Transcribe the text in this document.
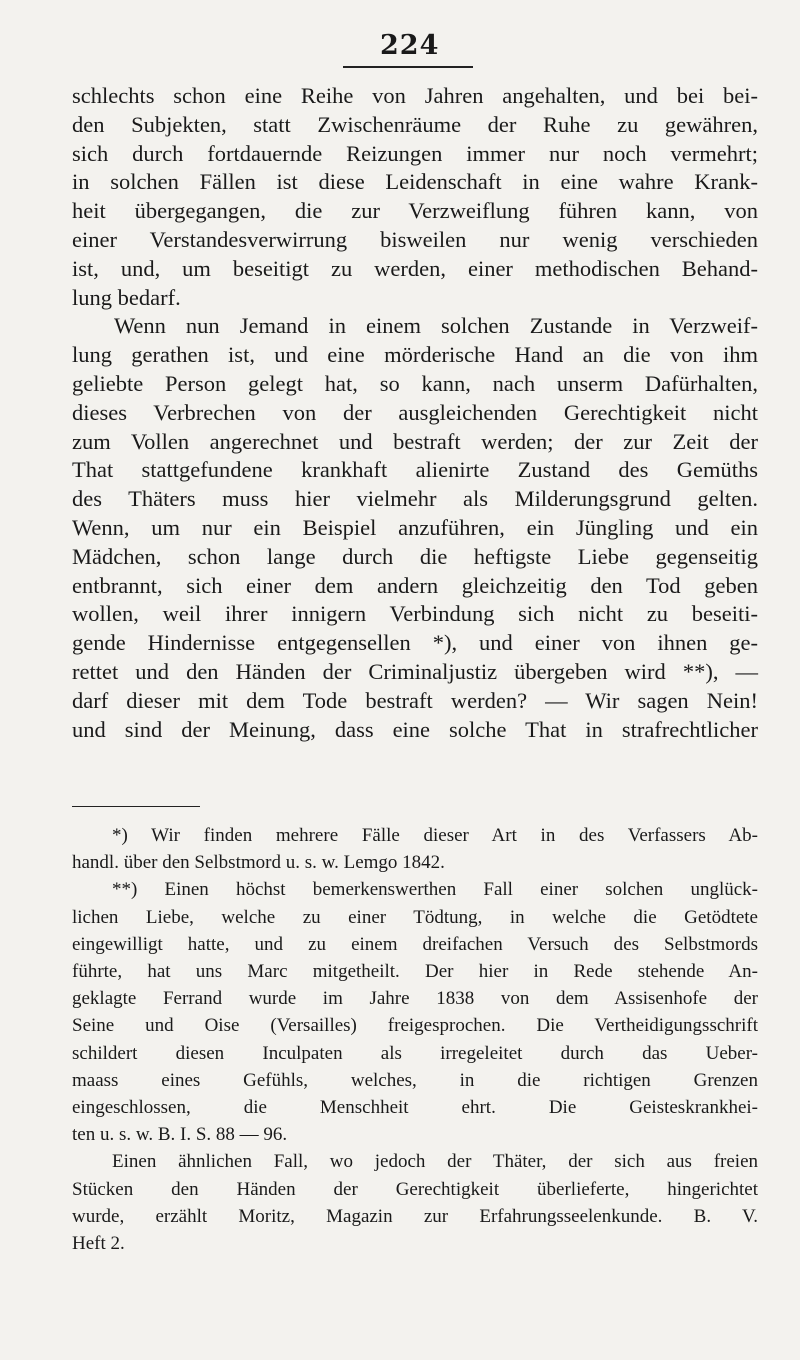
224
schlechts schon eine Reihe von Jahren angehalten, und bei bei-
den Subjekten, statt Zwischenräume der Ruhe zu gewähren,
sich durch fortdauernde Reizungen immer nur noch vermehrt;
in solchen Fällen ist diese Leidenschaft in eine wahre Krank-
heit übergegangen, die zur Verzweiflung führen kann, von
einer Verstandesverwirrung bisweilen nur wenig verschieden
ist, und, um beseitigt zu werden, einer methodischen Behand-
lung bedarf.
Wenn nun Jemand in einem solchen Zustande in Verzweif-
lung gerathen ist, und eine mörderische Hand an die von ihm
geliebte Person gelegt hat, so kann, nach unserm Dafürhalten,
dieses Verbrechen von der ausgleichenden Gerechtigkeit nicht
zum Vollen angerechnet und bestraft werden; der zur Zeit der
That stattgefundene krankhaft alienirte Zustand des Gemüths
des Thäters muss hier vielmehr als Milderungsgrund gelten.
Wenn, um nur ein Beispiel anzuführen, ein Jüngling und ein
Mädchen, schon lange durch die heftigste Liebe gegenseitig
entbrannt, sich einer dem andern gleichzeitig den Tod geben
wollen, weil ihrer innigern Verbindung sich nicht zu beseiti-
gende Hindernisse entgegensellen *), und einer von ihnen ge-
rettet und den Händen der Criminaljustiz übergeben wird **), —
darf dieser mit dem Tode bestraft werden? — Wir sagen Nein!
und sind der Meinung, dass eine solche That in strafrechtlicher
*) Wir finden mehrere Fälle dieser Art in des Verfassers Ab-
handl. über den Selbstmord u. s. w. Lemgo 1842.
**) Einen höchst bemerkenswerthen Fall einer solchen unglück-
lichen Liebe, welche zu einer Tödtung, in welche die Getödtete
eingewilligt hatte, und zu einem dreifachen Versuch des Selbstmords
führte, hat uns Marc mitgetheilt. Der hier in Rede stehende An-
geklagte Ferrand wurde im Jahre 1838 von dem Assisenhofe der
Seine und Oise (Versailles) freigesprochen. Die Vertheidigungsschrift
schildert diesen Inculpaten als irregeleitet durch das Ueber-
maass eines Gefühls, welches, in die richtigen Grenzen
eingeschlossen, die Menschheit ehrt. Die Geisteskrankhei-
ten u. s. w. B. I. S. 88 — 96.
Einen ähnlichen Fall, wo jedoch der Thäter, der sich aus freien
Stücken den Händen der Gerechtigkeit überlieferte, hingerichtet
wurde, erzählt Moritz, Magazin zur Erfahrungsseelenkunde. B. V.
Heft 2.
